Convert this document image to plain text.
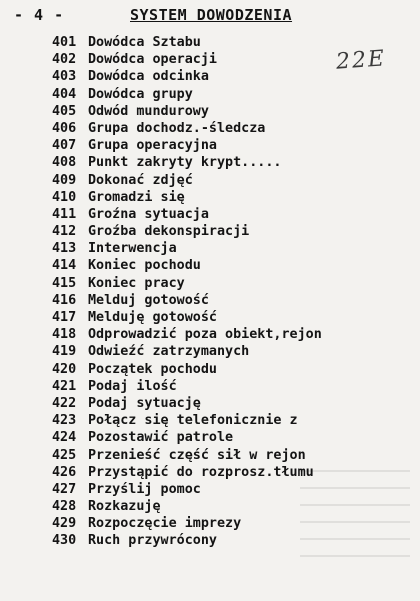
- 4 -	SYSTEM DOWODZENIA
22E
401 Dowódca Sztabu
402 Dowódca operacji
403 Dowódca odcinka
404 Dowódca grupy
405 Odwód mundurowy
406 Grupa dochodz.-śledcza
407 Grupa operacyjna
408 Punkt zakryty krypt.....
409 Dokonać zdjęć
410 Gromadzi się
411 Groźna sytuacja
412 Groźba dekonspiracji
413 Interwencja
414 Koniec pochodu
415 Koniec pracy
416 Melduj gotowość
417 Melduję gotowość
418 Odprowadzić poza obiekt,rejon
419 Odwieźć zatrzymanych
420 Początek pochodu
421 Podaj ilość
422 Podaj sytuację
423 Połącz się telefonicznie z
424 Pozostawić patrole
425 Przenieść część sił w rejon
426 Przystąpić do rozprosz.tłumu
427 Przyślij pomoc
428 Rozkazuję
429 Rozpoczęcie imprezy
430 Ruch przywrócony
